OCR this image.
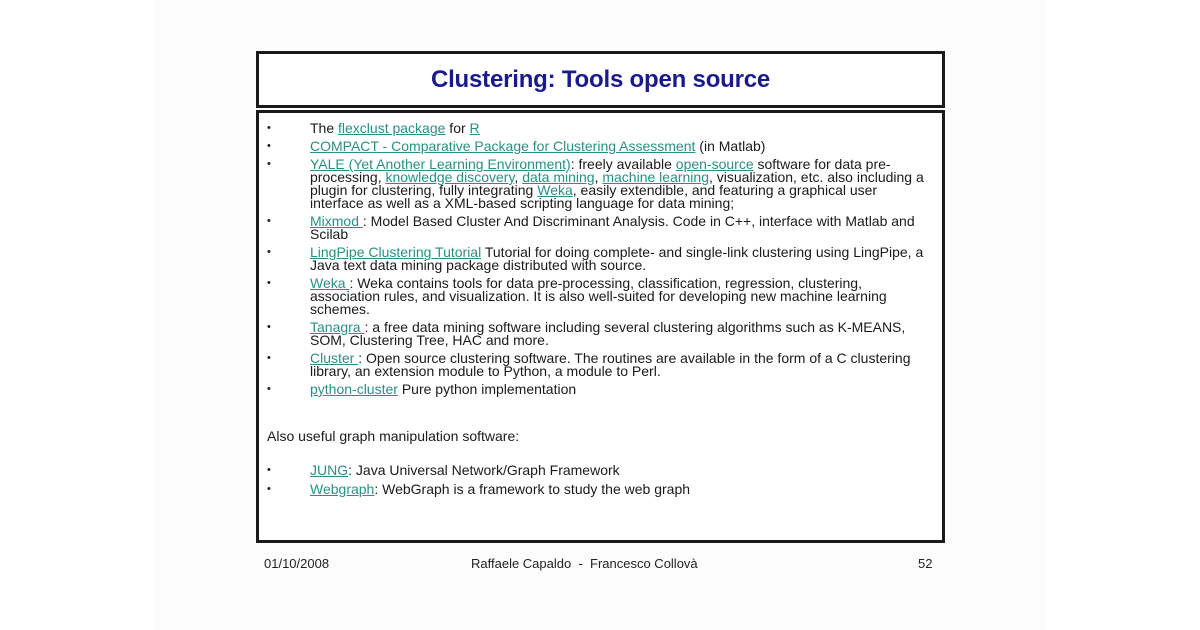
Clustering: Tools open source
•	The flexclust package for R
•	COMPACT - Comparative Package for Clustering Assessment (in Matlab)
•	YALE (Yet Another Learning Environment): freely available open-source software for data pre-processing, knowledge discovery, data mining, machine learning, visualization, etc. also including a plugin for clustering, fully integrating Weka, easily extendible, and featuring a graphical user interface as well as a XML-based scripting language for data mining;
•	Mixmod : Model Based Cluster And Discriminant Analysis. Code in C++, interface with Matlab and Scilab
•	LingPipe Clustering Tutorial Tutorial for doing complete- and single-link clustering using LingPipe, a Java text data mining package distributed with source.
•	Weka : Weka contains tools for data pre-processing, classification, regression, clustering, association rules, and visualization. It is also well-suited for developing new machine learning schemes.
•	Tanagra : a free data mining software including several clustering algorithms such as K-MEANS, SOM, Clustering Tree, HAC and more.
•	Cluster : Open source clustering software. The routines are available in the form of a C clustering library, an extension module to Python, a module to Perl.
•	python-cluster Pure python implementation
Also useful graph manipulation software:
•	JUNG: Java Universal Network/Graph Framework
•	Webgraph: WebGraph is a framework to study the web graph
01/10/2008	Raffaele Capaldo  -  Francesco Collovà	52
